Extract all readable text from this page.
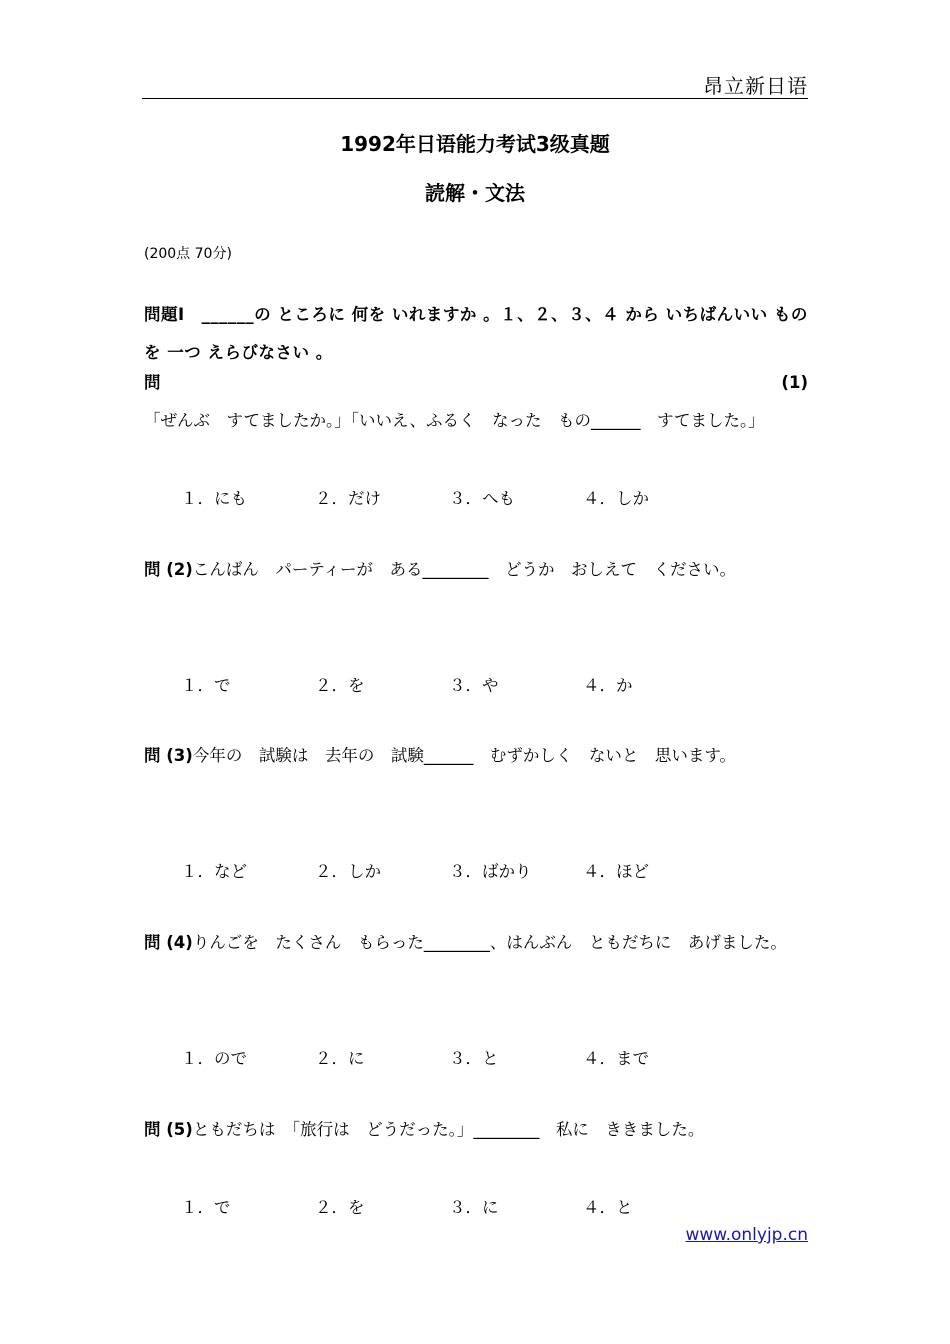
昂立新日语
1992年日语能力考试3级真题
読解・文法
(200点 70分)
問題Ⅰ　______の ところに 何を いれますか 。１、２、３、４ から いちばんいい ものを 一つ えらびなさい 。
問 (1)「ぜんぶ　すてましたか。」「いいえ、ふるく　なった　もの______　すてました。」
１．にも	２．だけ	３．へも	４．しか
問 (2)こんばん　パーティーが　ある________　どうか　おしえて　ください。
１．で	２．を	３．や	４．か
問 (3)今年の　試験は　去年の　試験______　むずかしく　ないと　思います。
１．など	２．しか	３．ばかり	４．ほど
問 (4)りんごを　たくさん　もらった________、はんぶん　ともだちに　あげました。
１．ので	２．に	３．と	４．まで
問 (5)ともだちは　「旅行は　どうだった。」________　私に　ききました。
１．で	２．を	３．に	４．と
www.onlyjp.cn
